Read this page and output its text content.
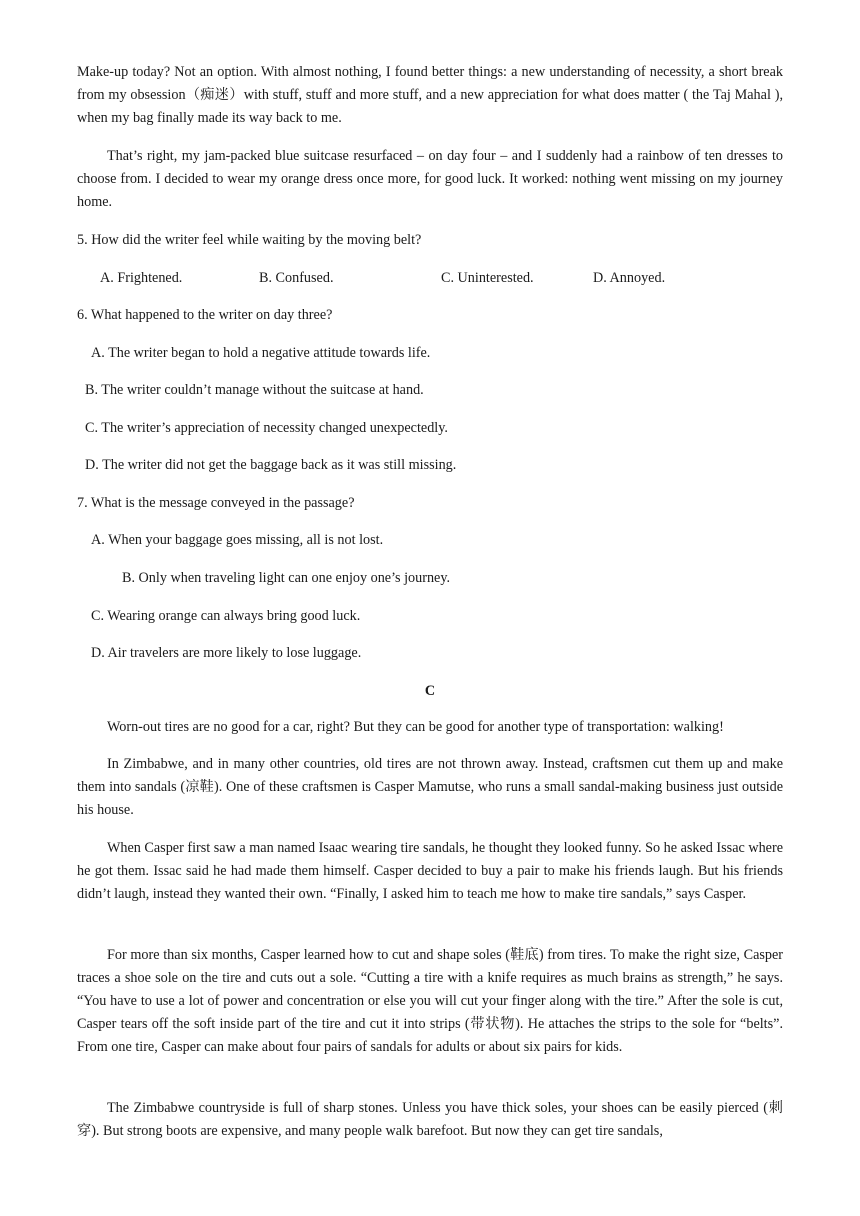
Make-up today? Not an option. With almost nothing, I found better things: a new understanding of necessity, a short break from my obsession（痴迷）with stuff, stuff and more stuff, and a new appreciation for what does matter ( the Taj Mahal ), when my bag finally made its way back to me.

That’s right, my jam-packed blue suitcase resurfaced – on day four – and I suddenly had a rainbow of ten dresses to choose from. I decided to wear my orange dress once more, for good luck. It worked: nothing went missing on my journey home.

5. How did the writer feel while waiting by the moving belt?
A. Frightened.	B. Confused.	C. Uninterested.	D. Annoyed.
6. What happened to the writer on day three?
A. The writer began to hold a negative attitude towards life.
B. The writer couldn’t manage without the suitcase at hand.
C. The writer’s appreciation of necessity changed unexpectedly.
D. The writer did not get the baggage back as it was still missing.
7. What is the message conveyed in the passage?
A. When your baggage goes missing, all is not lost.
B. Only when traveling light can one enjoy one’s journey.
C. Wearing orange can always bring good luck.
D. Air travelers are more likely to lose luggage.
C

Worn-out tires are no good for a car, right? But they can be good for another type of transportation: walking!

In Zimbabwe, and in many other countries, old tires are not thrown away. Instead, craftsmen cut them up and make them into sandals (凉鞋). One of these craftsmen is Casper Mamutse, who runs a small sandal-making business just outside his house.

When Casper first saw a man named Isaac wearing tire sandals, he thought they looked funny. So he asked Issac where he got them. Issac said he had made them himself. Casper decided to buy a pair to make his friends laugh. But his friends didn’t laugh, instead they wanted their own. “Finally, I asked him to teach me how to make tire sandals,” says Casper.

For more than six months, Casper learned how to cut and shape soles (鞋底) from tires. To make the right size, Casper traces a shoe sole on the tire and cuts out a sole. “Cutting a tire with a knife requires as much brains as strength,” he says. “You have to use a lot of power and concentration or else you will cut your finger along with the tire.” After the sole is cut, Casper tears off the soft inside part of the tire and cut it into strips (带状物). He attaches the strips to the sole for “belts”. From one tire, Casper can make about four pairs of sandals for adults or about six pairs for kids.

The Zimbabwe countryside is full of sharp stones. Unless you have thick soles, your shoes can be easily pierced (刺穿). But strong boots are expensive, and many people walk barefoot. But now they can get tire sandals,
